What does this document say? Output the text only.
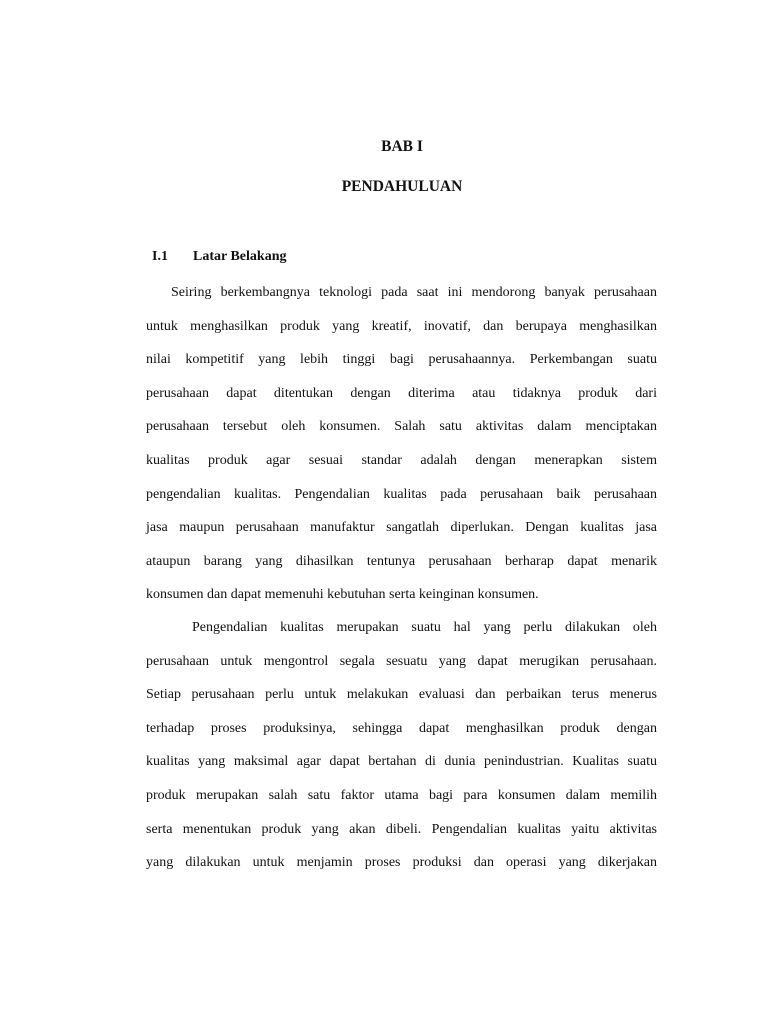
BAB I
PENDAHULUAN
I.1 Latar Belakang
Seiring berkembangnya teknologi pada saat ini mendorong banyak perusahaan
untuk menghasilkan produk yang kreatif, inovatif, dan berupaya menghasilkan
nilai kompetitif yang lebih tinggi bagi perusahaannya. Perkembangan suatu
perusahaan dapat ditentukan dengan diterima atau tidaknya produk dari
perusahaan tersebut oleh konsumen. Salah satu aktivitas dalam menciptakan
kualitas produk agar sesuai standar adalah dengan menerapkan sistem
pengendalian kualitas. Pengendalian kualitas pada perusahaan baik perusahaan
jasa maupun perusahaan manufaktur sangatlah diperlukan. Dengan kualitas jasa
ataupun barang yang dihasilkan tentunya perusahaan berharap dapat menarik
konsumen dan dapat memenuhi kebutuhan serta keinginan konsumen.
Pengendalian kualitas merupakan suatu hal yang perlu dilakukan oleh
perusahaan untuk mengontrol segala sesuatu yang dapat merugikan perusahaan.
Setiap perusahaan perlu untuk melakukan evaluasi dan perbaikan terus menerus
terhadap proses produksinya, sehingga dapat menghasilkan produk dengan
kualitas yang maksimal agar dapat bertahan di dunia penindustrian. Kualitas suatu
produk merupakan salah satu faktor utama bagi para konsumen dalam memilih
serta menentukan produk yang akan dibeli. Pengendalian kualitas yaitu aktivitas
yang dilakukan untuk menjamin proses produksi dan operasi yang dikerjakan
